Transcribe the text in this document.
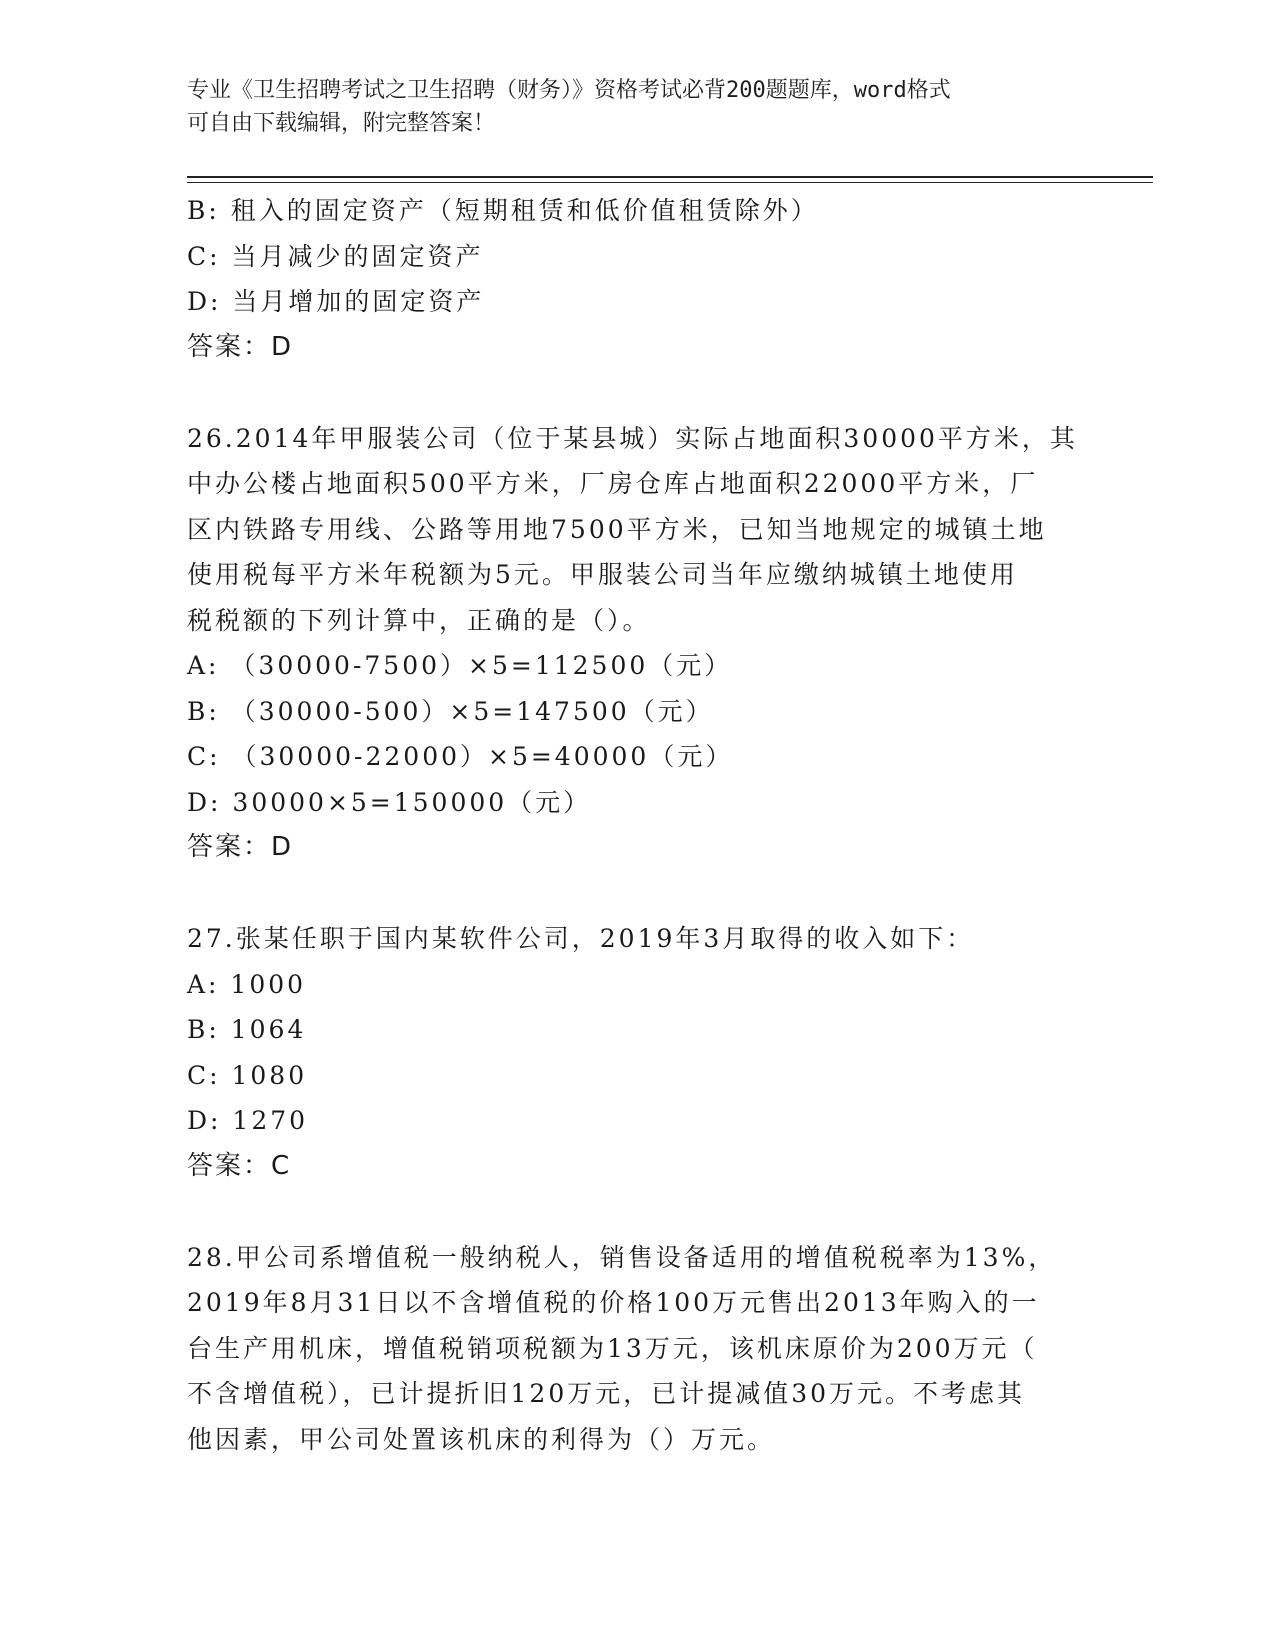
专业《卫生招聘考试之卫生招聘（财务）》资格考试必背200题题库，word格式
可自由下载编辑，附完整答案！
B: 租入的固定资产（短期租赁和低价值租赁除外）
C: 当月减少的固定资产
D: 当月增加的固定资产
答案：D
26.2014年甲服装公司（位于某县城）实际占地面积30000平方米，其
中办公楼占地面积500平方米，厂房仓库占地面积22000平方米，厂
区内铁路专用线、公路等用地7500平方米，已知当地规定的城镇土地
使用税每平方米年税额为5元。甲服装公司当年应缴纳城镇土地使用
税税额的下列计算中，正确的是（）。
A: （30000-7500）×5=112500（元）
B: （30000-500）×5=147500（元）
C: （30000-22000）×5=40000（元）
D: 30000×5=150000（元）
答案：D
27.张某任职于国内某软件公司，2019年3月取得的收入如下：
A: 1000
B: 1064
C: 1080
D: 1270
答案：C
28.甲公司系增值税一般纳税人，销售设备适用的增值税税率为13%，
2019年8月31日以不含增值税的价格100万元售出2013年购入的一
台生产用机床，增值税销项税额为13万元，该机床原价为200万元（
不含增值税），已计提折旧120万元，已计提减值30万元。不考虑其
他因素，甲公司处置该机床的利得为（）万元。
